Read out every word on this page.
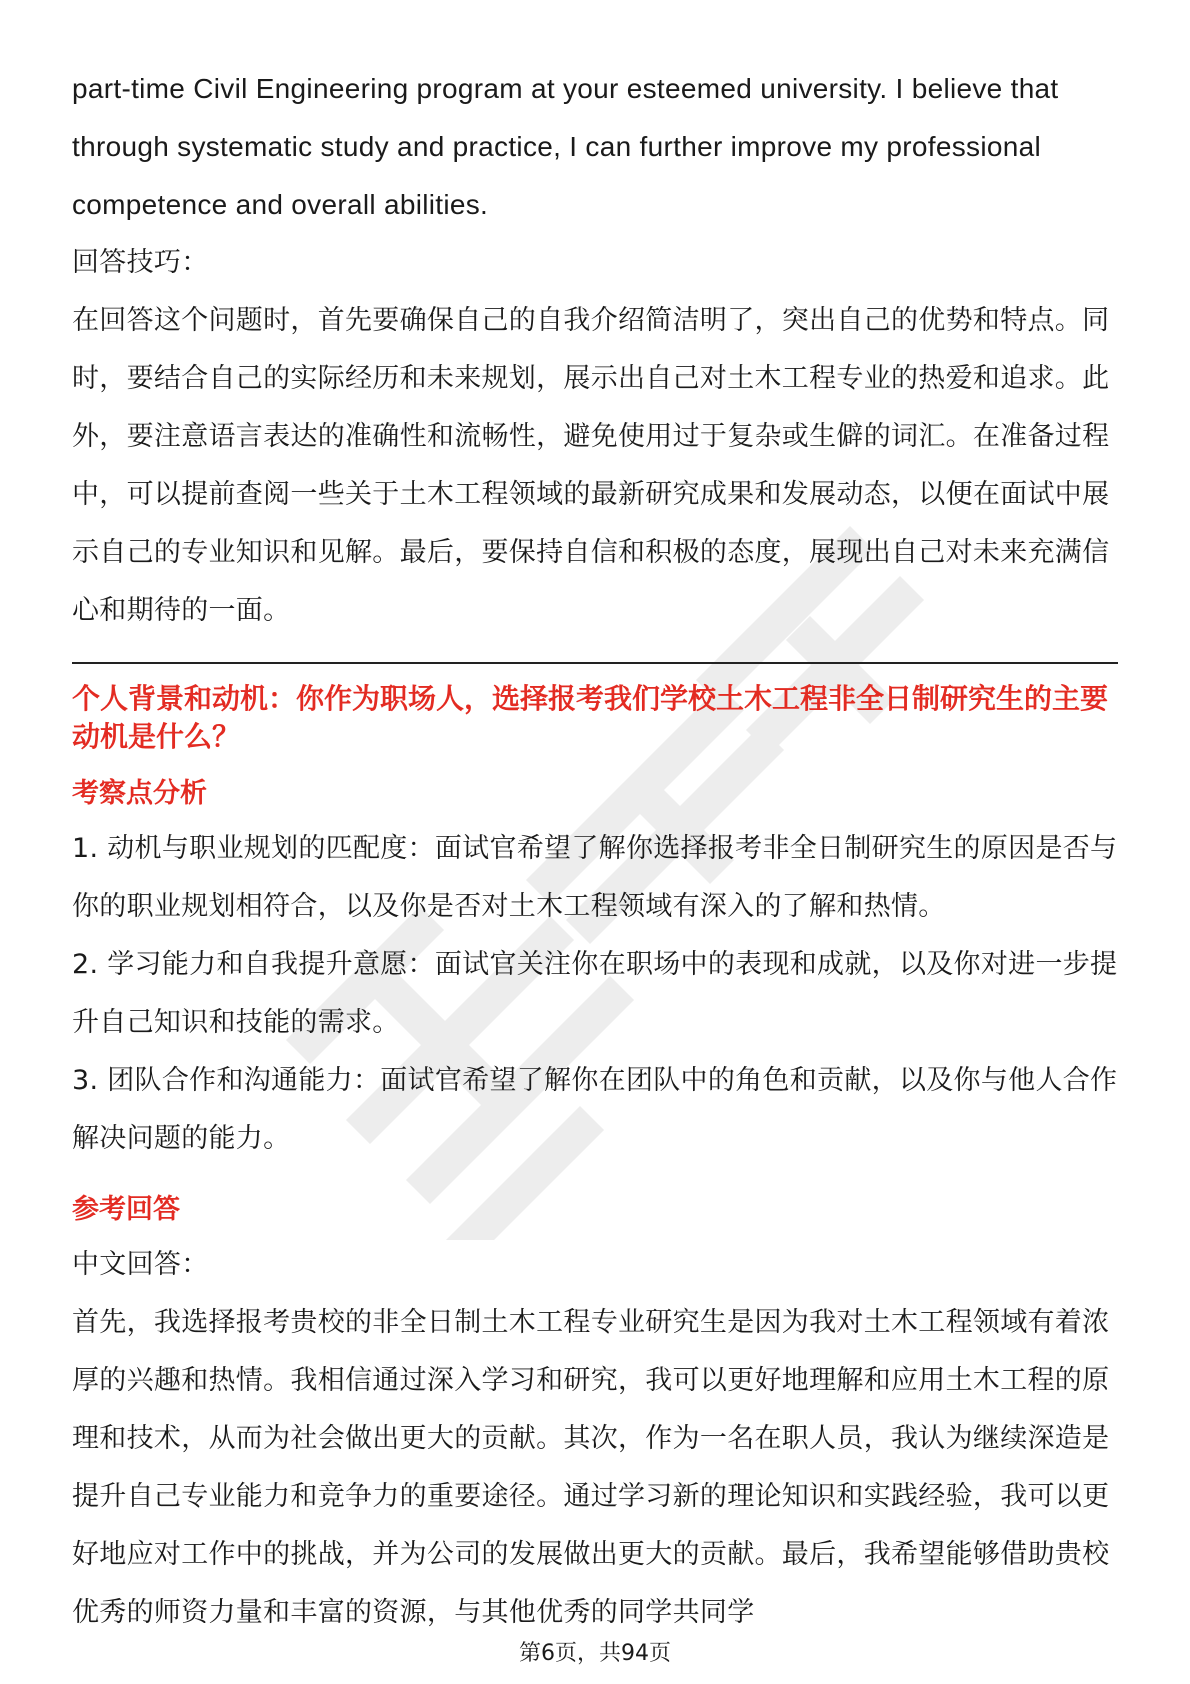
part-time Civil Engineering program at your esteemed university. I believe that through systematic study and practice, I can further improve my professional competence and overall abilities.

回答技巧：

在回答这个问题时，首先要确保自己的自我介绍简洁明了，突出自己的优势和特点。同时，要结合自己的实际经历和未来规划，展示出自己对土木工程专业的热爱和追求。此外，要注意语言表达的准确性和流畅性，避免使用过于复杂或生僻的词汇。在准备过程中，可以提前查阅一些关于土木工程领域的最新研究成果和发展动态，以便在面试中展示自己的专业知识和见解。最后，要保持自信和积极的态度，展现出自己对未来充满信心和期待的一面。

个人背景和动机：你作为职场人，选择报考我们学校土木工程非全日制研究生的主要动机是什么？
考察点分析

1. 动机与职业规划的匹配度：面试官希望了解你选择报考非全日制研究生的原因是否与你的职业规划相符合，以及你是否对土木工程领域有深入的了解和热情。

2. 学习能力和自我提升意愿：面试官关注你在职场中的表现和成就，以及你对进一步提升自己知识和技能的需求。

3. 团队合作和沟通能力：面试官希望了解你在团队中的角色和贡献，以及你与他人合作解决问题的能力。

参考回答

中文回答：

首先，我选择报考贵校的非全日制土木工程专业研究生是因为我对土木工程领域有着浓厚的兴趣和热情。我相信通过深入学习和研究，我可以更好地理解和应用土木工程的原理和技术，从而为社会做出更大的贡献。其次，作为一名在职人员，我认为继续深造是提升自己专业能力和竞争力的重要途径。通过学习新的理论知识和实践经验，我可以更好地应对工作中的挑战，并为公司的发展做出更大的贡献。最后，我希望能够借助贵校优秀的师资力量和丰富的资源，与其他优秀的同学共同学

第6页，共94页
